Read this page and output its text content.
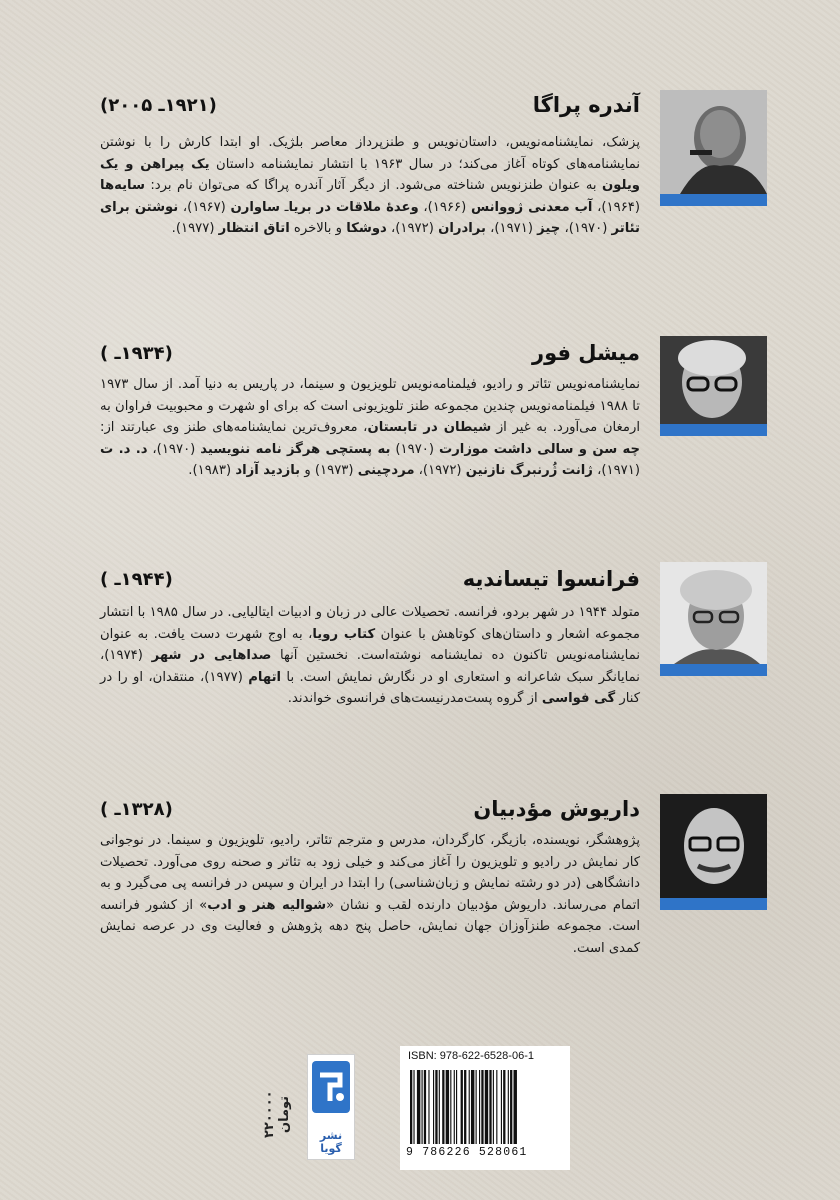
آندره پراگا
(۱۹۲۱ـ ۲۰۰۵)

پزشک، نمایشنامه‌نویس، داستان‌نویس و طنزپرداز معاصر بلژیک. او ابتدا کارش را با نوشتن نمایشنامه‌های کوتاه آغاز می‌کند؛ در سال ۱۹۶۳ با انتشار نمایشنامه داستان یک پیراهن و یک ویلون به عنوان طنزنویس شناخته می‌شود. از دیگر آثار آندره پراگا که می‌توان نام برد: سایه‌ها (۱۹۶۴)، آب معدنی ژووانس (۱۹۶۶)، وعدهٔ ملاقات در بریاـ ساوارن (۱۹۶۷)، نوشتن برای تئاتر (۱۹۷۰)، چیز (۱۹۷۱)، برادران (۱۹۷۲)، دوشکا و بالاخره اتاق انتظار (۱۹۷۷).

میشل فور
(۱۹۳۴ـ )

نمایشنامه‌نویس تئاتر و رادیو، فیلمنامه‌نویس تلویزیون و سینما، در پاریس به دنیا آمد. از سال ۱۹۷۳ تا ۱۹۸۸ فیلمنامه‌نویس چندین مجموعه طنز تلویزیونی است که برای او شهرت و محبوبیت فراوان به ارمغان می‌آورد. به غیر از شیطان در تابستان، معروف‌ترین نمایشنامه‌های طنز وی عبارتند از: چه سن و سالی داشت موزارت (۱۹۷۰) به پستچی هرگز نامه ننویسید (۱۹۷۰)، د. د. ت (۱۹۷۱)، ژانت ژُرنبرگ نازنین (۱۹۷۲)، مردچینی (۱۹۷۳) و بازدید آزاد (۱۹۸۳).

فرانسوا تیساندیه
(۱۹۴۴ـ )

متولد ۱۹۴۴ در شهر بردو، فرانسه. تحصیلات عالی در زبان و ادبیات ایتالیایی. در سال ۱۹۸۵ با انتشار مجموعه اشعار و داستان‌های کوتاهش با عنوان کتاب رویا، به اوج شهرت دست یافت. به عنوان نمایشنامه‌نویس تاکنون ده نمایشنامه نوشته‌است. نخستین آنها صداهایی در شهر (۱۹۷۴)، نمایانگر سبک شاعرانه و استعاری او در نگارش نمایش است. با اتهام (۱۹۷۷)، منتقدان، او را در کنار گی فواسی از گروه پست‌مدرنیست‌های فرانسوی خواندند.

داریوش مؤدبیان
(۱۳۲۸ـ )

پژوهشگر، نویسنده، بازیگر، کارگردان، مدرس و مترجم تئاتر، رادیو، تلویزیون و سینما. در نوجوانی کار نمایش در رادیو و تلویزیون را آغاز می‌کند و خیلی زود به تئاتر و صحنه روی می‌آورد. تحصیلات دانشگاهی (در دو رشته نمایش و زبان‌شناسی) را ابتدا در ایران و سپس در فرانسه پی می‌گیرد و به اتمام می‌رساند. داریوش مؤدبیان دارنده لقب و نشان «شوالیه هنر و ادب» از کشور فرانسه است. مجموعه طنزآوزان جهان نمایش، حاصل پنج دهه پژوهش و فعالیت وی در عرصه نمایش کمدی است.

ISBN: 978-622-6528-06-1
9 786226 528061
نشر گویا
۲۲۰۰۰۰ تومان
